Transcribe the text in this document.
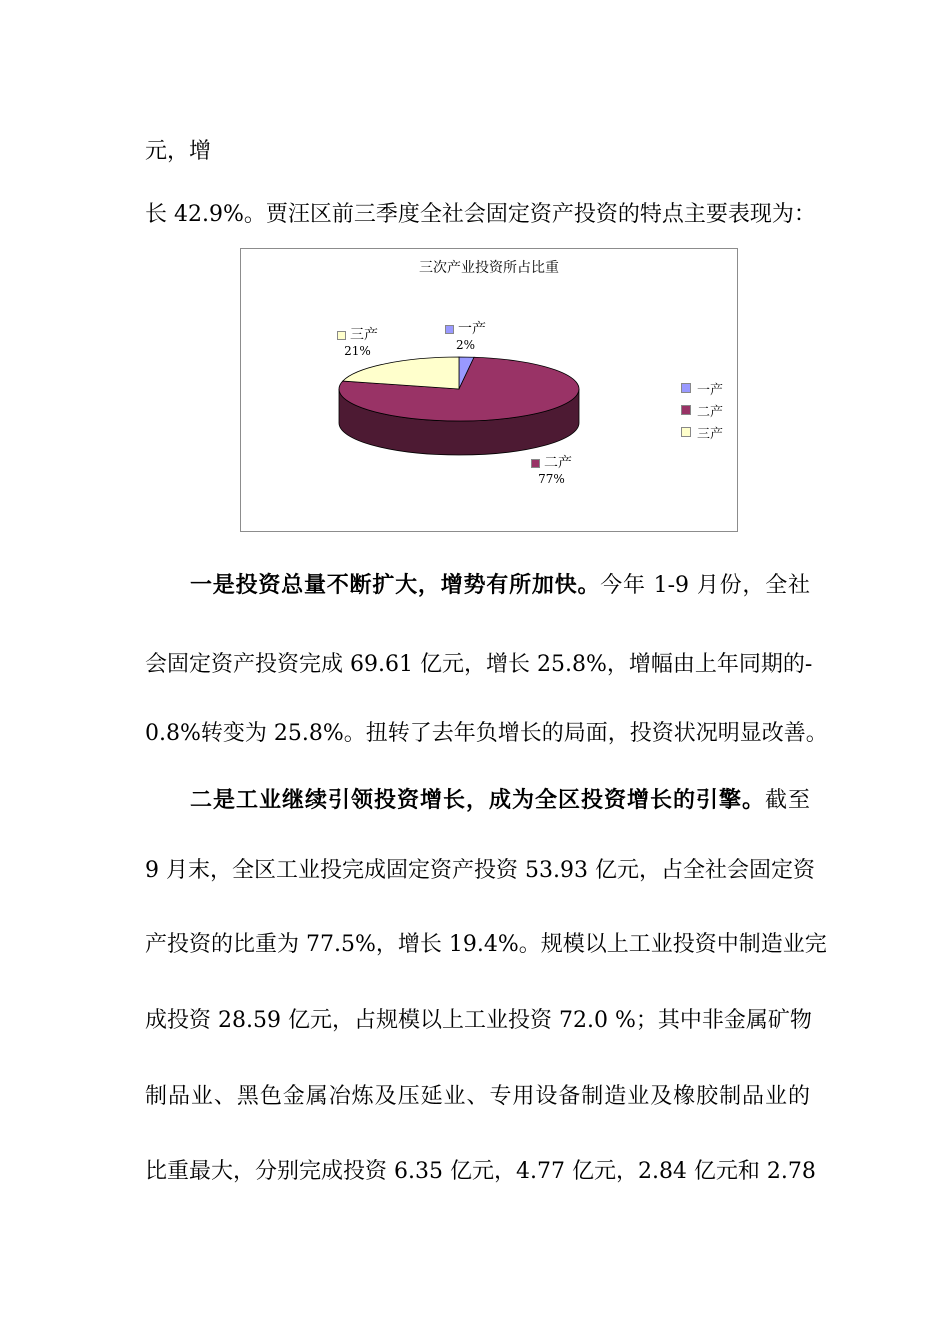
元，增
长 42.9%。贾汪区前三季度全社会固定资产投资的特点主要表现为：
三次产业投资所占比重
三产
21%
一产
2%
二产
77%
一产
二产
三产
一是投资总量不断扩大，增势有所加快。今年 1-9 月份，全社
会固定资产投资完成 69.61 亿元，增长 25.8%，增幅由上年同期的-
0.8%转变为 25.8%。扭转了去年负增长的局面，投资状况明显改善。
二是工业继续引领投资增长，成为全区投资增长的引擎。截至
9 月末，全区工业投完成固定资产投资 53.93 亿元，占全社会固定资
产投资的比重为 77.5%，增长 19.4%。规模以上工业投资中制造业完
成投资 28.59 亿元，占规模以上工业投资 72.0 %；其中非金属矿物
制品业、黑色金属冶炼及压延业、专用设备制造业及橡胶制品业的
比重最大，分别完成投资 6.35 亿元，4.77 亿元，2.84 亿元和 2.78
